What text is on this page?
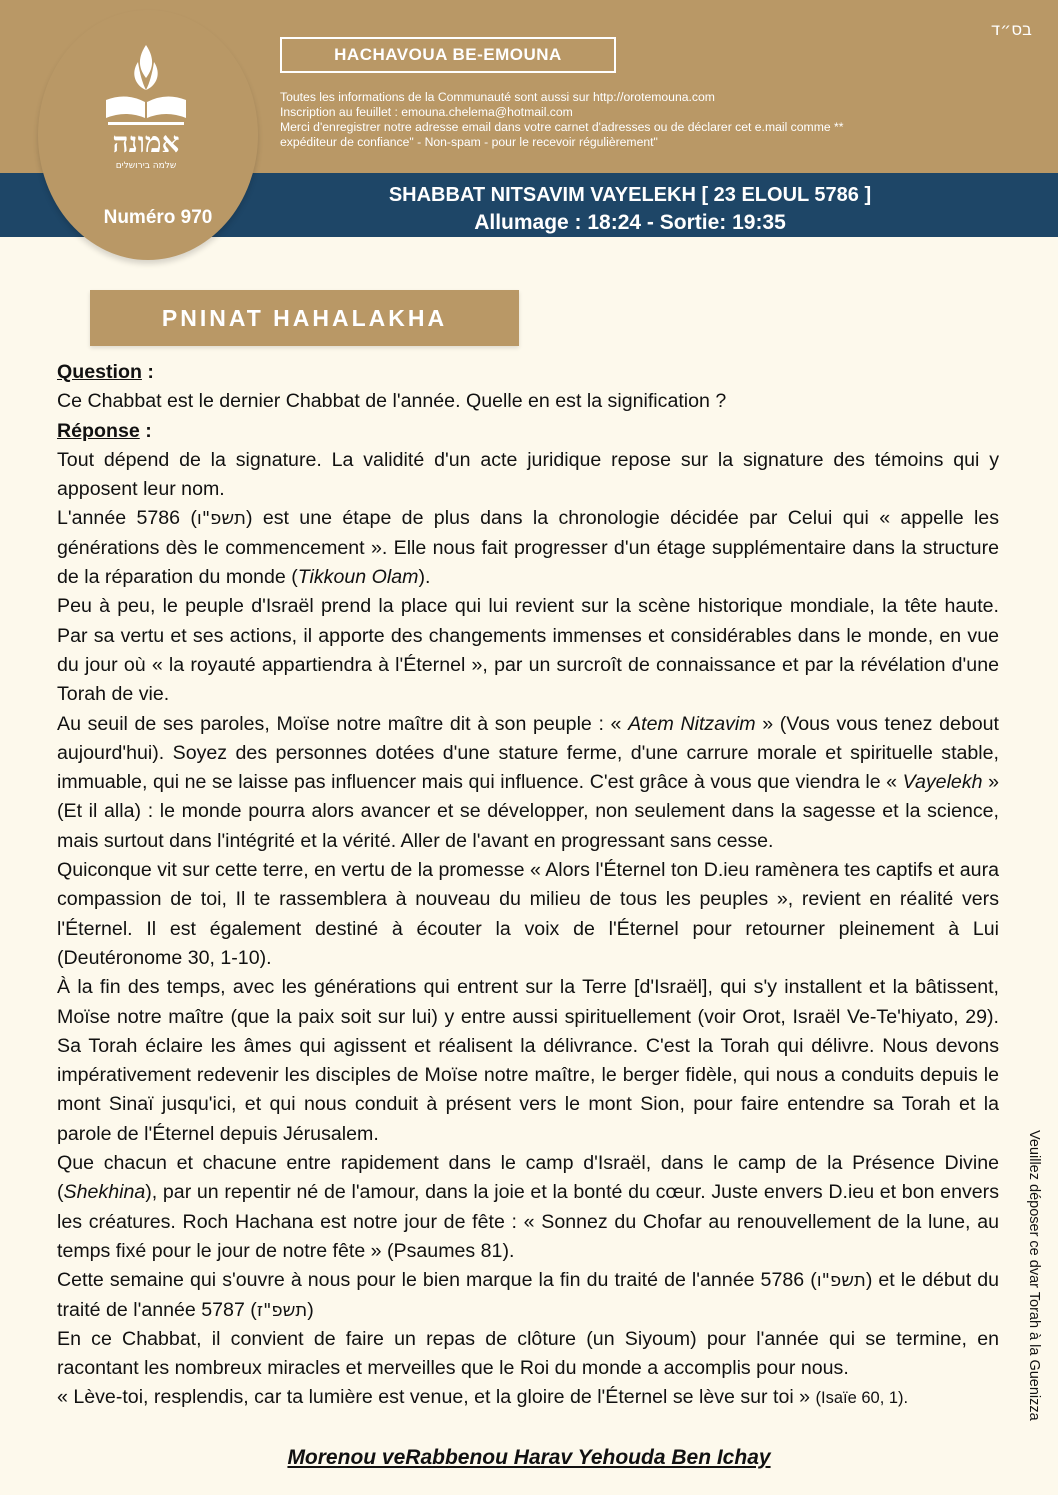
אמונה
שלמה בירושלים
Numéro 970
בס״ד
HACHAVOUA BE-EMOUNA
Toutes les informations de la Communauté sont aussi sur http://orotemouna.com
Inscription au feuillet : emouna.chelema@hotmail.com
Merci d'enregistrer notre adresse email dans votre carnet d'adresses ou de déclarer cet e.mail comme **
expéditeur de confiance" - Non-spam - pour le recevoir régulièrement"
SHABBAT NITSAVIM VAYELEKH [ 23 ELOUL 5786 ]
Allumage : 18:24 - Sortie: 19:35
PNINAT HAHALAKHA

Question :

Ce Chabbat est le dernier Chabbat de l'année. Quelle en est la signification ?

Réponse :

Tout dépend de la signature. La validité d'un acte juridique repose sur la signature des témoins qui y apposent leur nom.

L'année 5786 (תשפ"ו) est une étape de plus dans la chronologie décidée par Celui qui « appelle les générations dès le commencement ». Elle nous fait progresser d'un étage supplémentaire dans la structure de la réparation du monde (Tikkoun Olam).

Peu à peu, le peuple d'Israël prend la place qui lui revient sur la scène historique mondiale, la tête haute. Par sa vertu et ses actions, il apporte des changements immenses et considérables dans le monde, en vue du jour où « la royauté appartiendra à l'Éternel », par un surcroît de connaissance et par la révélation d'une Torah de vie.

Au seuil de ses paroles, Moïse notre maître dit à son peuple : « Atem Nitzavim » (Vous vous tenez debout aujourd'hui). Soyez des personnes dotées d'une stature ferme, d'une carrure morale et spirituelle stable, immuable, qui ne se laisse pas influencer mais qui influence. C'est grâce à vous que viendra le « Vayelekh » (Et il alla) : le monde pourra alors avancer et se développer, non seulement dans la sagesse et la science, mais surtout dans l'intégrité et la vérité. Aller de l'avant en progressant sans cesse.

Quiconque vit sur cette terre, en vertu de la promesse « Alors l'Éternel ton D.ieu ramènera tes captifs et aura compassion de toi, Il te rassemblera à nouveau du milieu de tous les peuples », revient en réalité vers l'Éternel. Il est également destiné à écouter la voix de l'Éternel pour retourner pleinement à Lui (Deutéronome 30, 1-10).

À la fin des temps, avec les générations qui entrent sur la Terre [d'Israël], qui s'y installent et la bâtissent, Moïse notre maître (que la paix soit sur lui) y entre aussi spirituellement (voir Orot, Israël Ve-Te'hiyato, 29). Sa Torah éclaire les âmes qui agissent et réalisent la délivrance. C'est la Torah qui délivre. Nous devons impérativement redevenir les disciples de Moïse notre maître, le berger fidèle, qui nous a conduits depuis le mont Sinaï jusqu'ici, et qui nous conduit à présent vers le mont Sion, pour faire entendre sa Torah et la parole de l'Éternel depuis Jérusalem.

Que chacun et chacune entre rapidement dans le camp d'Israël, dans le camp de la Présence Divine (Shekhina), par un repentir né de l'amour, dans la joie et la bonté du cœur. Juste envers D.ieu et bon envers les créatures. Roch Hachana est notre jour de fête : « Sonnez du Chofar au renouvellement de la lune, au temps fixé pour le jour de notre fête » (Psaumes 81).

Cette semaine qui s'ouvre à nous pour le bien marque la fin du traité de l'année 5786 (תשפ"ו) et le début du traité de l'année 5787 (תשפ"ז)

En ce Chabbat, il convient de faire un repas de clôture (un Siyoum) pour l'année qui se termine, en racontant les nombreux miracles et merveilles que le Roi du monde a accomplis pour nous.

« Lève-toi, resplendis, car ta lumière est venue, et la gloire de l'Éternel se lève sur toi » (Isaïe 60, 1).

Morenou veRabbenou Harav Yehouda Ben Ichay
Veuillez déposer ce dvar Torah à la Guenizza
